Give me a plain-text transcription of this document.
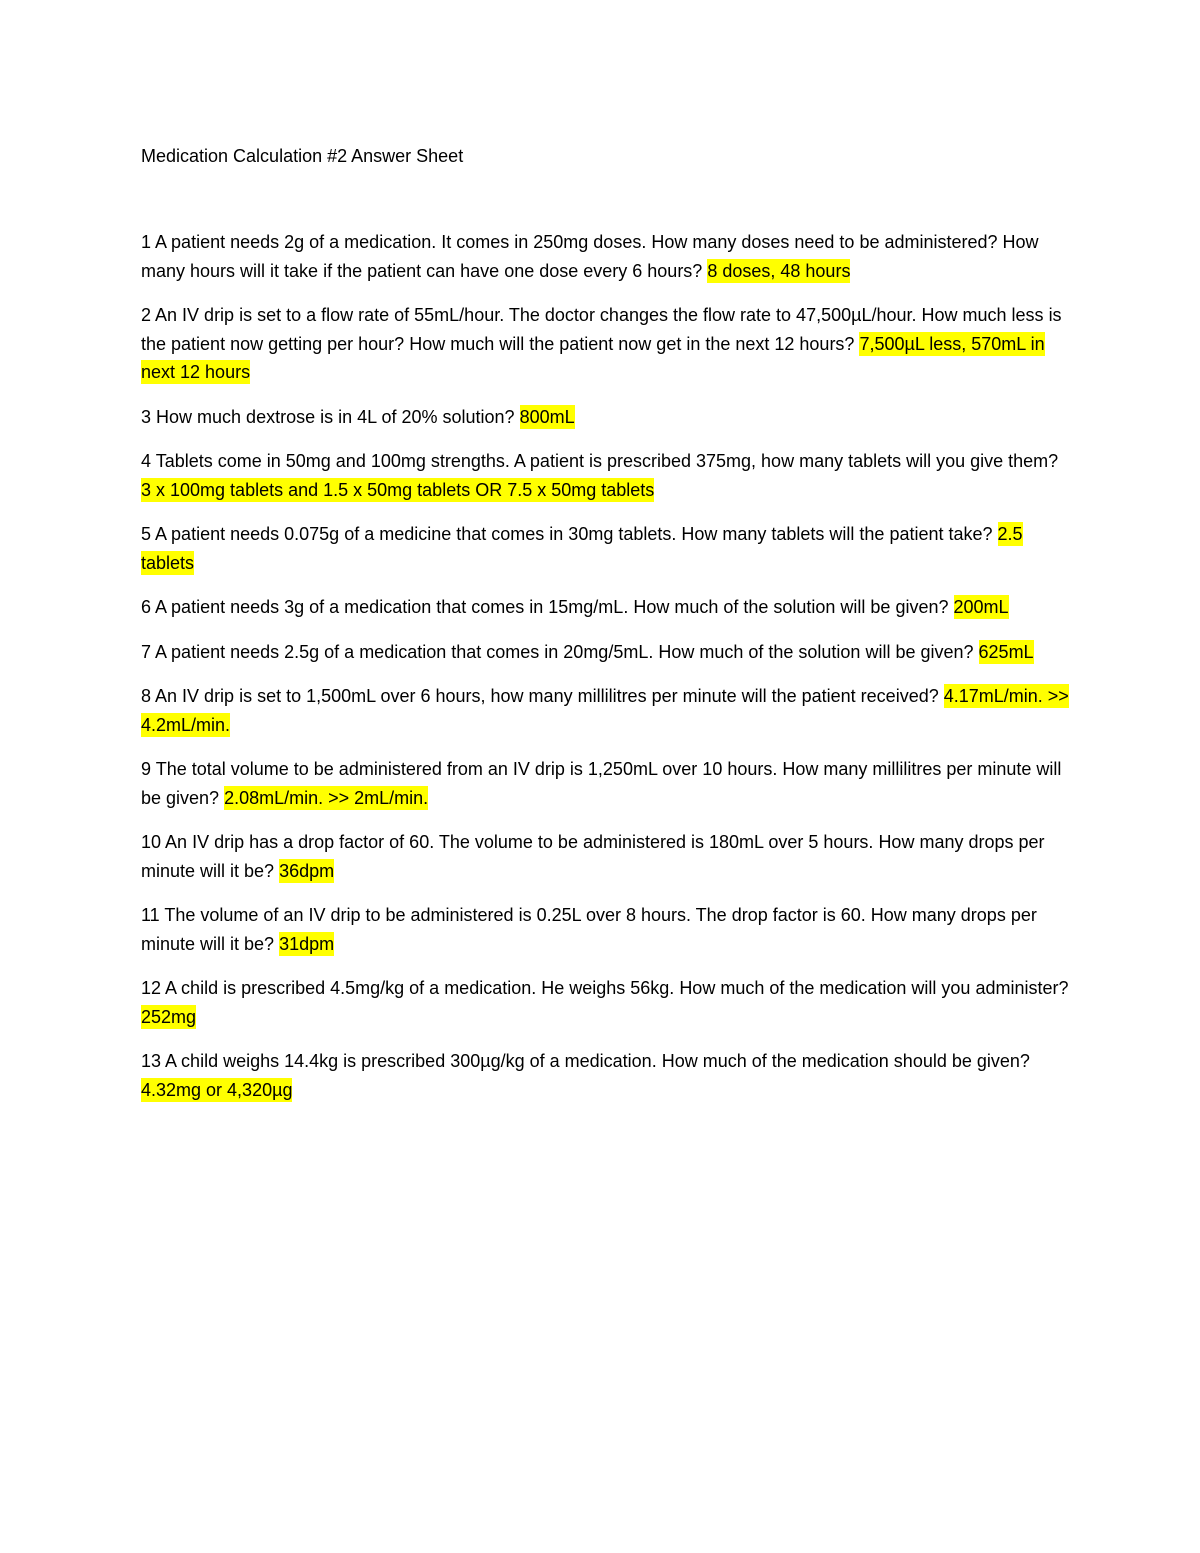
Medication Calculation #2 Answer Sheet

1 A patient needs 2g of a medication. It comes in 250mg doses. How many doses need to be administered? How many hours will it take if the patient can have one dose every 6 hours? 8 doses, 48 hours

2 An IV drip is set to a flow rate of 55mL/hour. The doctor changes the flow rate to 47,500µL/hour. How much less is the patient now getting per hour? How much will the patient now get in the next 12 hours? 7,500µL less, 570mL in next 12 hours

3 How much dextrose is in 4L of 20% solution? 800mL

4 Tablets come in 50mg and 100mg strengths. A patient is prescribed 375mg, how many tablets will you give them? 3 x 100mg tablets and 1.5 x 50mg tablets OR 7.5 x 50mg tablets

5 A patient needs 0.075g of a medicine that comes in 30mg tablets. How many tablets will the patient take? 2.5 tablets

6 A patient needs 3g of a medication that comes in 15mg/mL. How much of the solution will be given? 200mL

7 A patient needs 2.5g of a medication that comes in 20mg/5mL. How much of the solution will be given? 625mL

8 An IV drip is set to 1,500mL over 6 hours, how many millilitres per minute will the patient received? 4.17mL/min. >> 4.2mL/min.

9 The total volume to be administered from an IV drip is 1,250mL over 10 hours. How many millilitres per minute will be given? 2.08mL/min. >> 2mL/min.

10 An IV drip has a drop factor of 60. The volume to be administered is 180mL over 5 hours. How many drops per minute will it be? 36dpm

11 The volume of an IV drip to be administered is 0.25L over 8 hours. The drop factor is 60. How many drops per minute will it be? 31dpm

12 A child is prescribed 4.5mg/kg of a medication. He weighs 56kg. How much of the medication will you administer? 252mg

13 A child weighs 14.4kg is prescribed 300µg/kg of a medication. How much of the medication should be given? 4.32mg or 4,320µg
